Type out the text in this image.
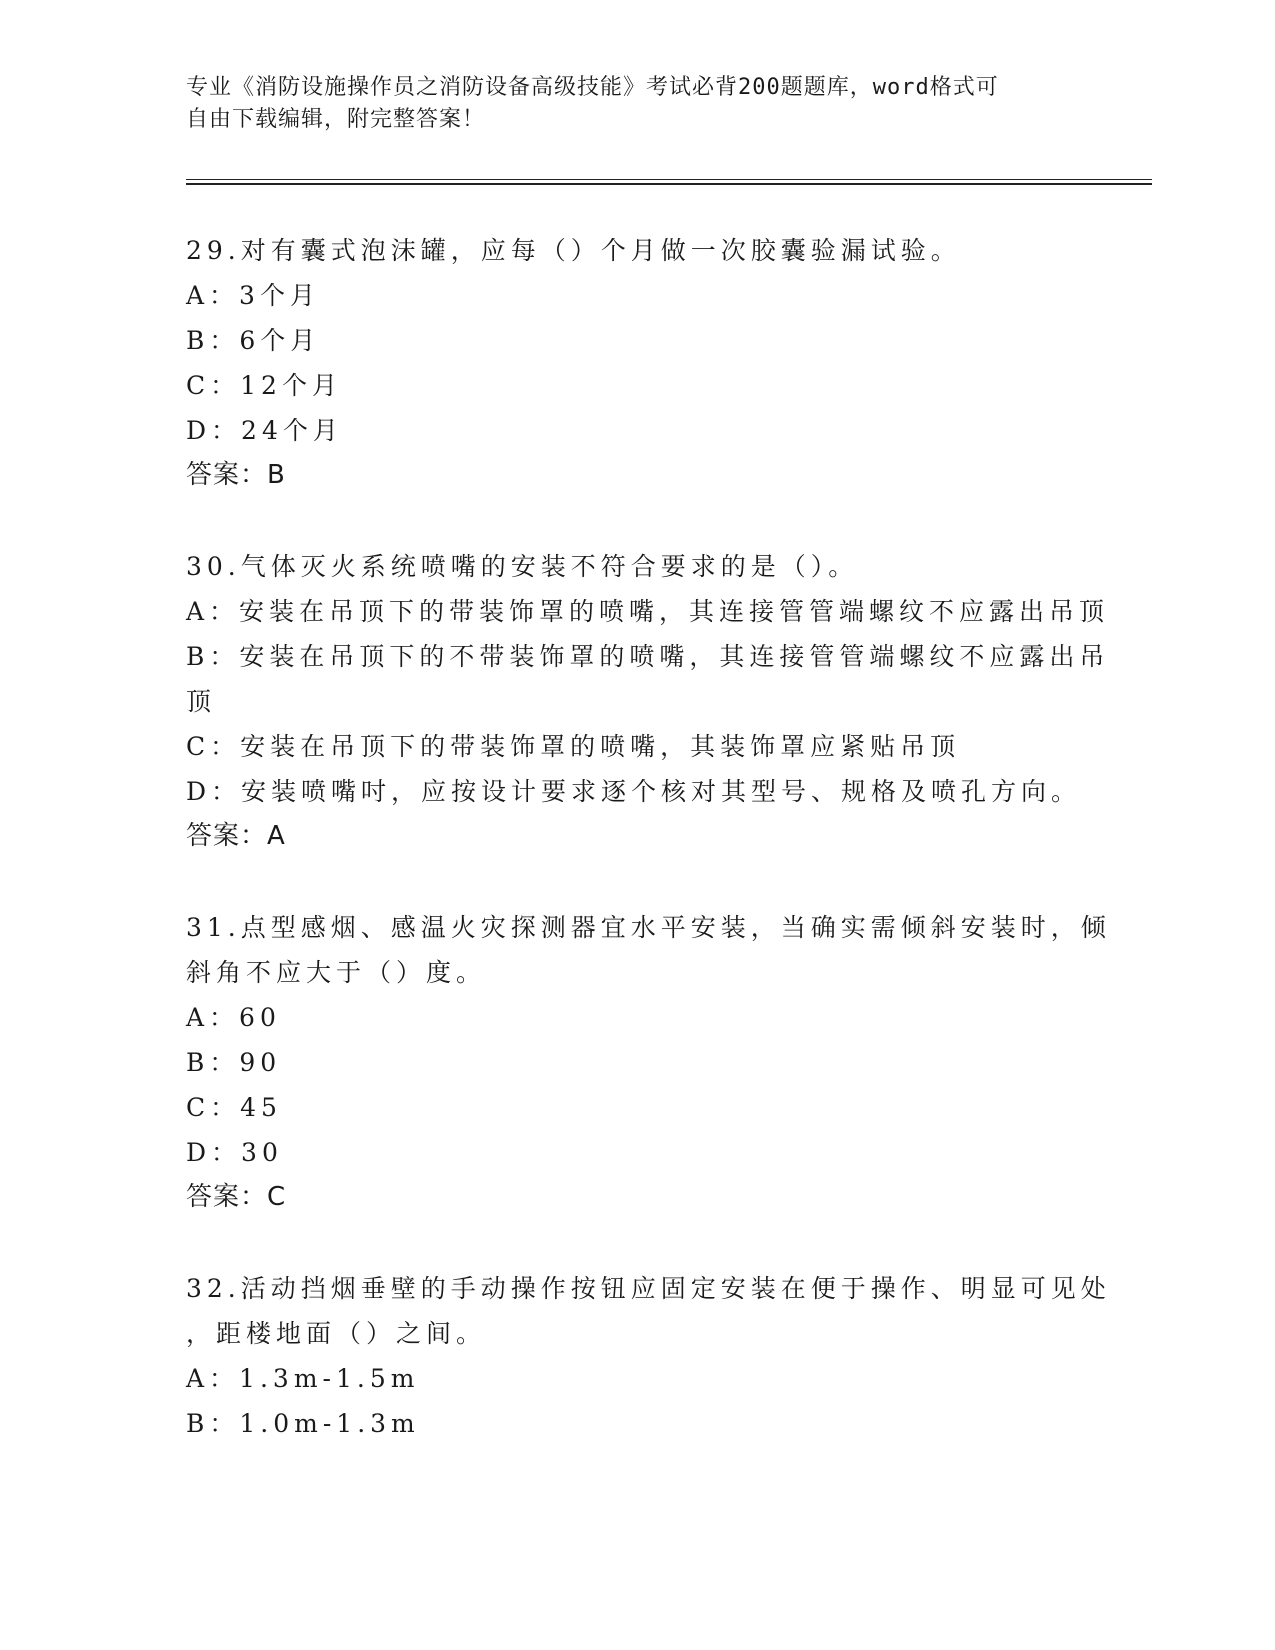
专业《消防设施操作员之消防设备高级技能》考试必背200题题库，word格式可
自由下载编辑，附完整答案！
29.对有囊式泡沫罐，应每（）个月做一次胶囊验漏试验。
A：3个月
B：6个月
C：12个月
D：24个月
答案：B
30.气体灭火系统喷嘴的安装不符合要求的是（）。
A：安装在吊顶下的带装饰罩的喷嘴，其连接管管端螺纹不应露出吊顶
B：安装在吊顶下的不带装饰罩的喷嘴，其连接管管端螺纹不应露出吊
顶
C：安装在吊顶下的带装饰罩的喷嘴，其装饰罩应紧贴吊顶
D：安装喷嘴吋，应按设计要求逐个核对其型号、规格及喷孔方向。
答案：A
31.点型感烟、感温火灾探测器宜水平安装，当确实需倾斜安装时，倾
斜角不应大于（）度。
A：60
B：90
C：45
D：30
答案：C
32.活动挡烟垂壁的手动操作按钮应固定安装在便于操作、明显可见处
，距楼地面（）之间。
A：1.3m-1.5m
B：1.0m-1.3m
